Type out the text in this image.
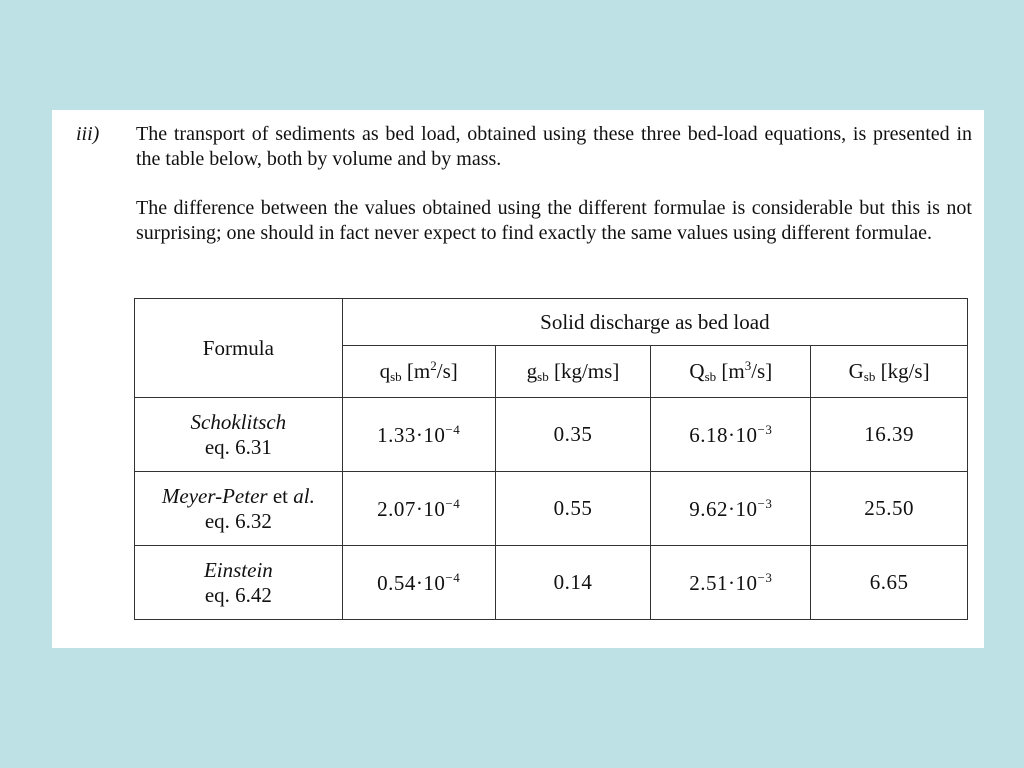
iii) The transport of sediments as bed load, obtained using these three bed-load equations, is presented in the table below, both by volume and by mass.

The difference between the values obtained using the different formulae is considerable but this is not surprising; one should in fact never expect to find exactly the same values using different formulae.

Formula	Solid discharge as bed load			
	$q_{sb}$ $[m^2/s]$	$g_{sb}$ [kg/ms]	$Q_{sb}$ $[m^3/s]$	$G_{sb}$ [kg/s]

Schoklitsch
eq. 6.31	$1.33\cdot 10^{-4}$	0.35	$6.18\cdot 10^{-3}$	16.39

Meyer-Peter et al.
eq. 6.32	$2.07\cdot 10^{-4}$	0.55	$9.62\cdot 10^{-3}$	25.50

Einstein
eq. 6.42	$0.54\cdot 10^{-4}$	0.14	$2.51\cdot 10^{-3}$	6.65
